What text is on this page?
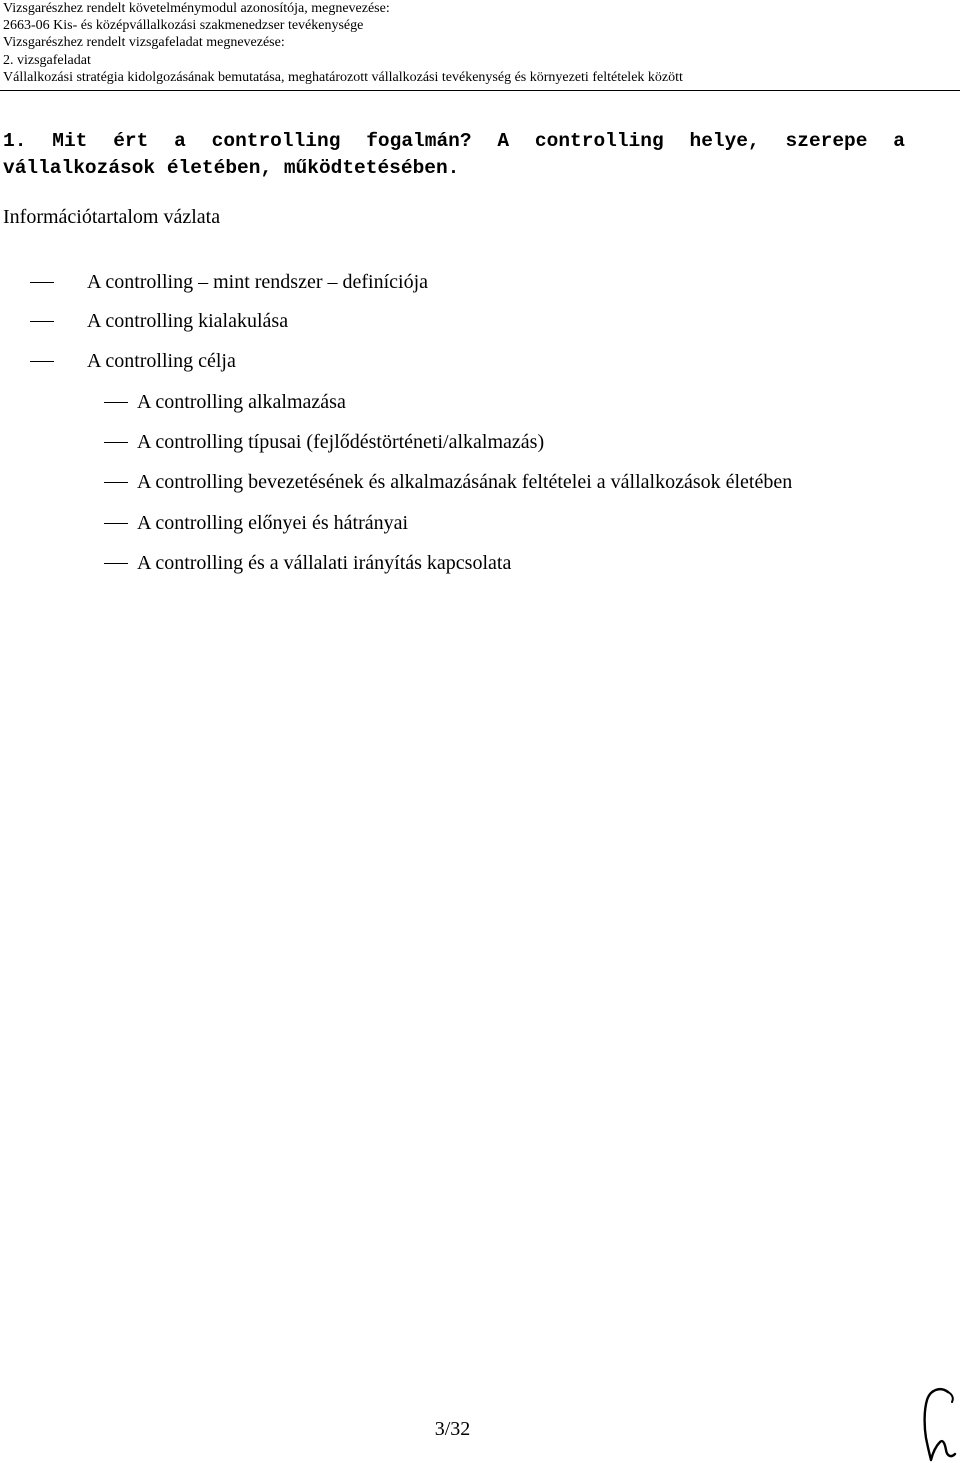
Vizsgarészhez rendelt követelménymodul azonosítója, megnevezése:
2663-06 Kis- és középvállalkozási szakmenedzser tevékenysége
Vizsgarészhez rendelt vizsgafeladat megnevezése:
2. vizsgafeladat
Vállalkozási stratégia kidolgozásának bemutatása, meghatározott vállalkozási tevékenység és környezeti feltételek között
1. Mit ért a controlling fogalmán? A controlling helye, szerepe a vállalkozások életében, működtetésében.
Információtartalom vázlata
A controlling – mint rendszer – definíciója
A controlling kialakulása
A controlling célja
A controlling alkalmazása
A controlling típusai (fejlődéstörténeti/alkalmazás)
A controlling bevezetésének és alkalmazásának feltételei a vállalkozások életében
A controlling előnyei és hátrányai
A controlling és a vállalati irányítás kapcsolata
3/32
